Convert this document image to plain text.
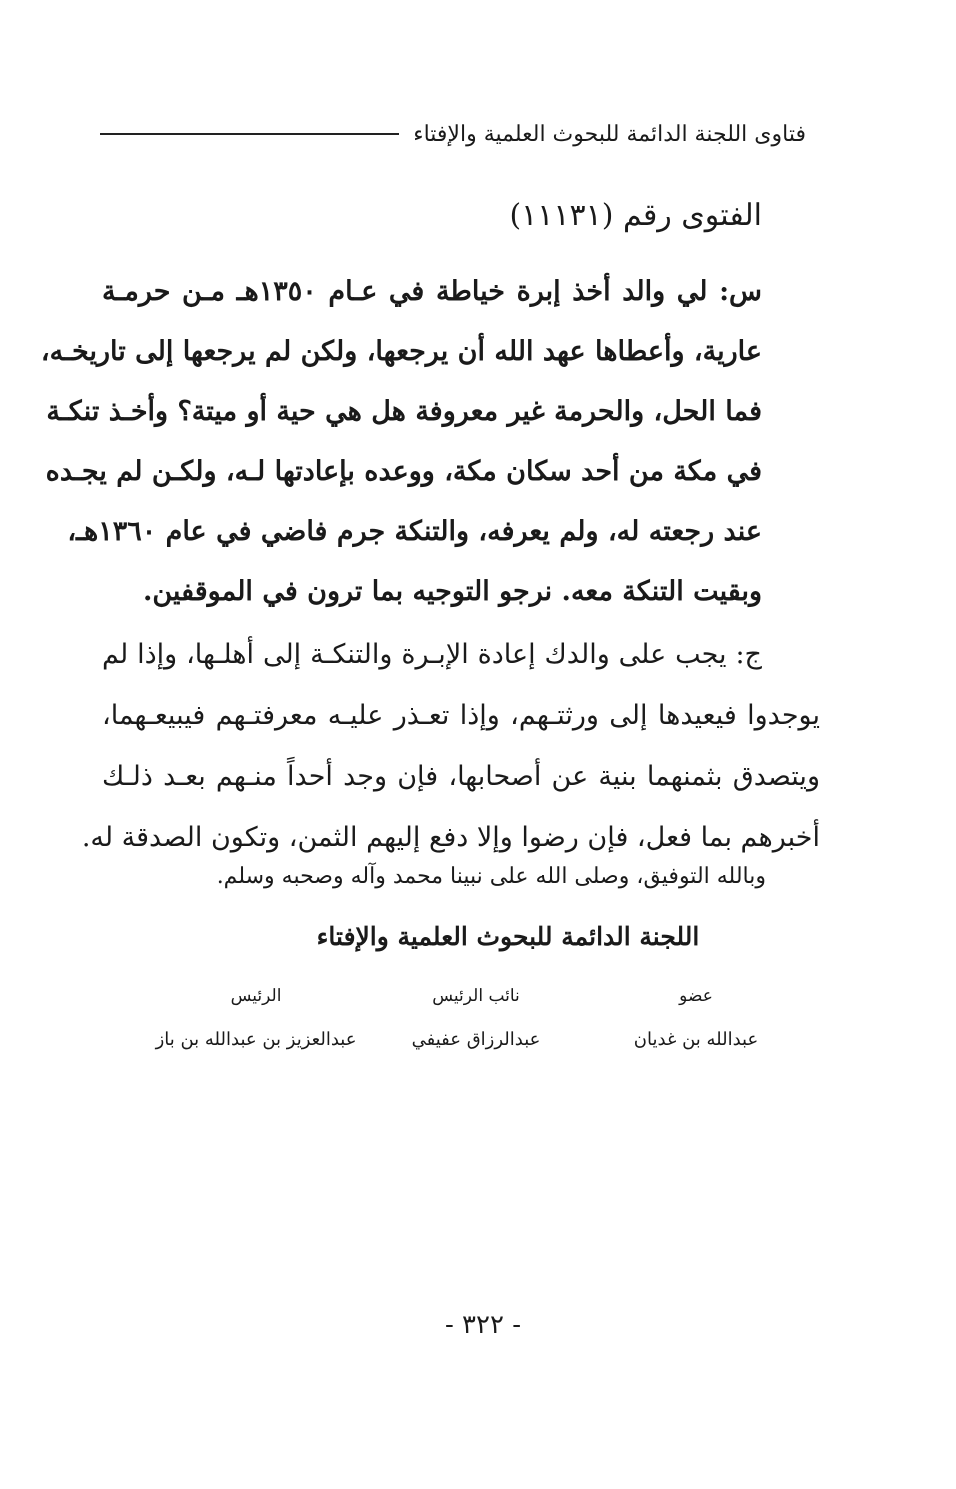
فتاوى اللجنة الدائمة للبحوث العلمية والإفتاء
الفتوى رقم (١١١٣١)
س: لي والد أخذ إبرة خياطة في عـام ١٣٥٠هـ مـن حرمـة
عارية، وأعطاها عهد الله أن يرجعها، ولكن لم يرجعها إلى تاريخـه،
فما الحل، والحرمة غير معروفة هل هي حية أو ميتة؟ وأخـذ تنكـة
في مكة من أحد سكان مكة، ووعده بإعادتها لـه، ولكـن لم يجـده
عند رجعته له، ولم يعرفه، والتنكة جرم فاضي في عام ١٣٦٠هـ،
وبقيت التنكة معه. نرجو التوجيه بما ترون في الموقفين.
ج: يجب على والدك إعادة الإبـرة والتنكـة إلى أهلـها، وإذا لم
يوجدوا فيعيدها إلى ورثتـهم، وإذا تعـذر عليـه معرفتـهم فيبيعـهما،
ويتصدق بثمنهما بنية عن أصحابها، فإن وجد أحداً منـهم بعـد ذلـك
أخبرهم بما فعل، فإن رضوا وإلا دفع إليهم الثمن، وتكون الصدقة له.
وبالله التوفيق، وصلى الله على نبينا محمد وآله وصحبه وسلم.
اللجنة الدائمة للبحوث العلمية والإفتاء
عضو
عبدالله بن غديان
نائب الرئيس
عبدالرزاق عفيفي
الرئيس
عبدالعزيز بن عبدالله بن باز
- ٣٢٢ -
